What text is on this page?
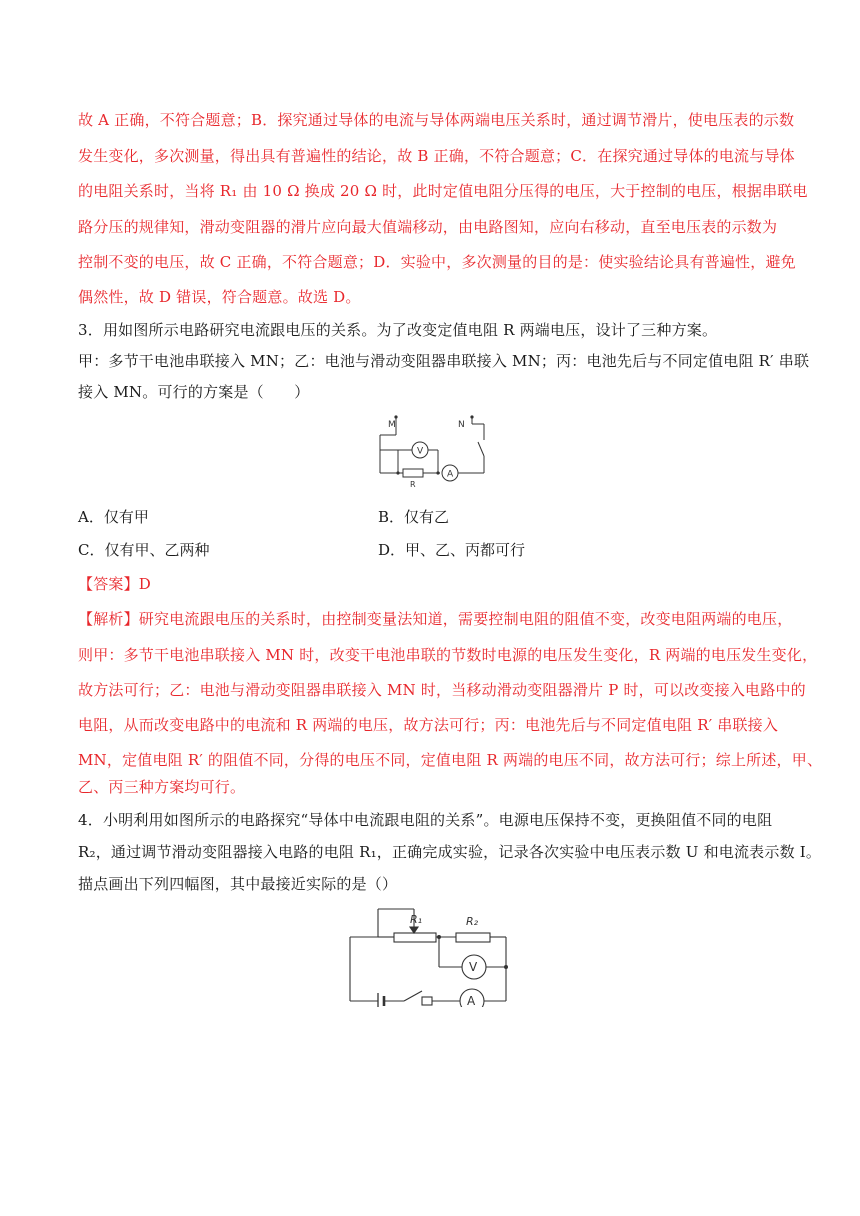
故 A 正确，不符合题意；B．探究通过导体的电流与导体两端电压关系时，通过调节滑片，使电压表的示数
发生变化，多次测量，得出具有普遍性的结论，故 B 正确，不符合题意；C．在探究通过导体的电流与导体
的电阻关系时，当将 R₁ 由 10 Ω 换成 20 Ω 时，此时定值电阻分压得的电压，大于控制的电压，根据串联电
路分压的规律知，滑动变阻器的滑片应向最大值端移动，由电路图知，应向右移动，直至电压表的示数为
控制不变的电压，故 C 正确，不符合题意；D．实验中，多次测量的目的是：使实验结论具有普遍性，避免
偶然性，故 D 错误，符合题意。故选 D。
3．用如图所示电路研究电流跟电压的关系。为了改变定值电阻 R 两端电压，设计了三种方案。
甲：多节干电池串联接入 MN；乙：电池与滑动变阻器串联接入 MN；丙：电池先后与不同定值电阻 R′ 串联
接入 MN。可行的方案是（　　）
M	N
V
A
R
A．仅有甲	B．仅有乙
C．仅有甲、乙两种	D．甲、乙、丙都可行
【答案】D
【解析】研究电流跟电压的关系时，由控制变量法知道，需要控制电阻的阻值不变，改变电阻两端的电压，
则甲：多节干电池串联接入 MN 时，改变干电池串联的节数时电源的电压发生变化，R 两端的电压发生变化，
故方法可行；乙：电池与滑动变阻器串联接入 MN 时，当移动滑动变阻器滑片 P 时，可以改变接入电路中的
电阻，从而改变电路中的电流和 R 两端的电压，故方法可行；丙：电池先后与不同定值电阻 R′ 串联接入
MN，定值电阻 R′ 的阻值不同，分得的电压不同，定值电阻 R 两端的电压不同，故方法可行；综上所述，甲、
乙、丙三种方案均可行。
4．小明利用如图所示的电路探究“导体中电流跟电阻的关系”。电源电压保持不变，更换阻值不同的电阻
R₂，通过调节滑动变阻器接入电路的电阻 R₁，正确完成实验，记录各次实验中电压表示数 U 和电流表示数 I。
描点画出下列四幅图，其中最接近实际的是（）
R₁	R₂
V
A
